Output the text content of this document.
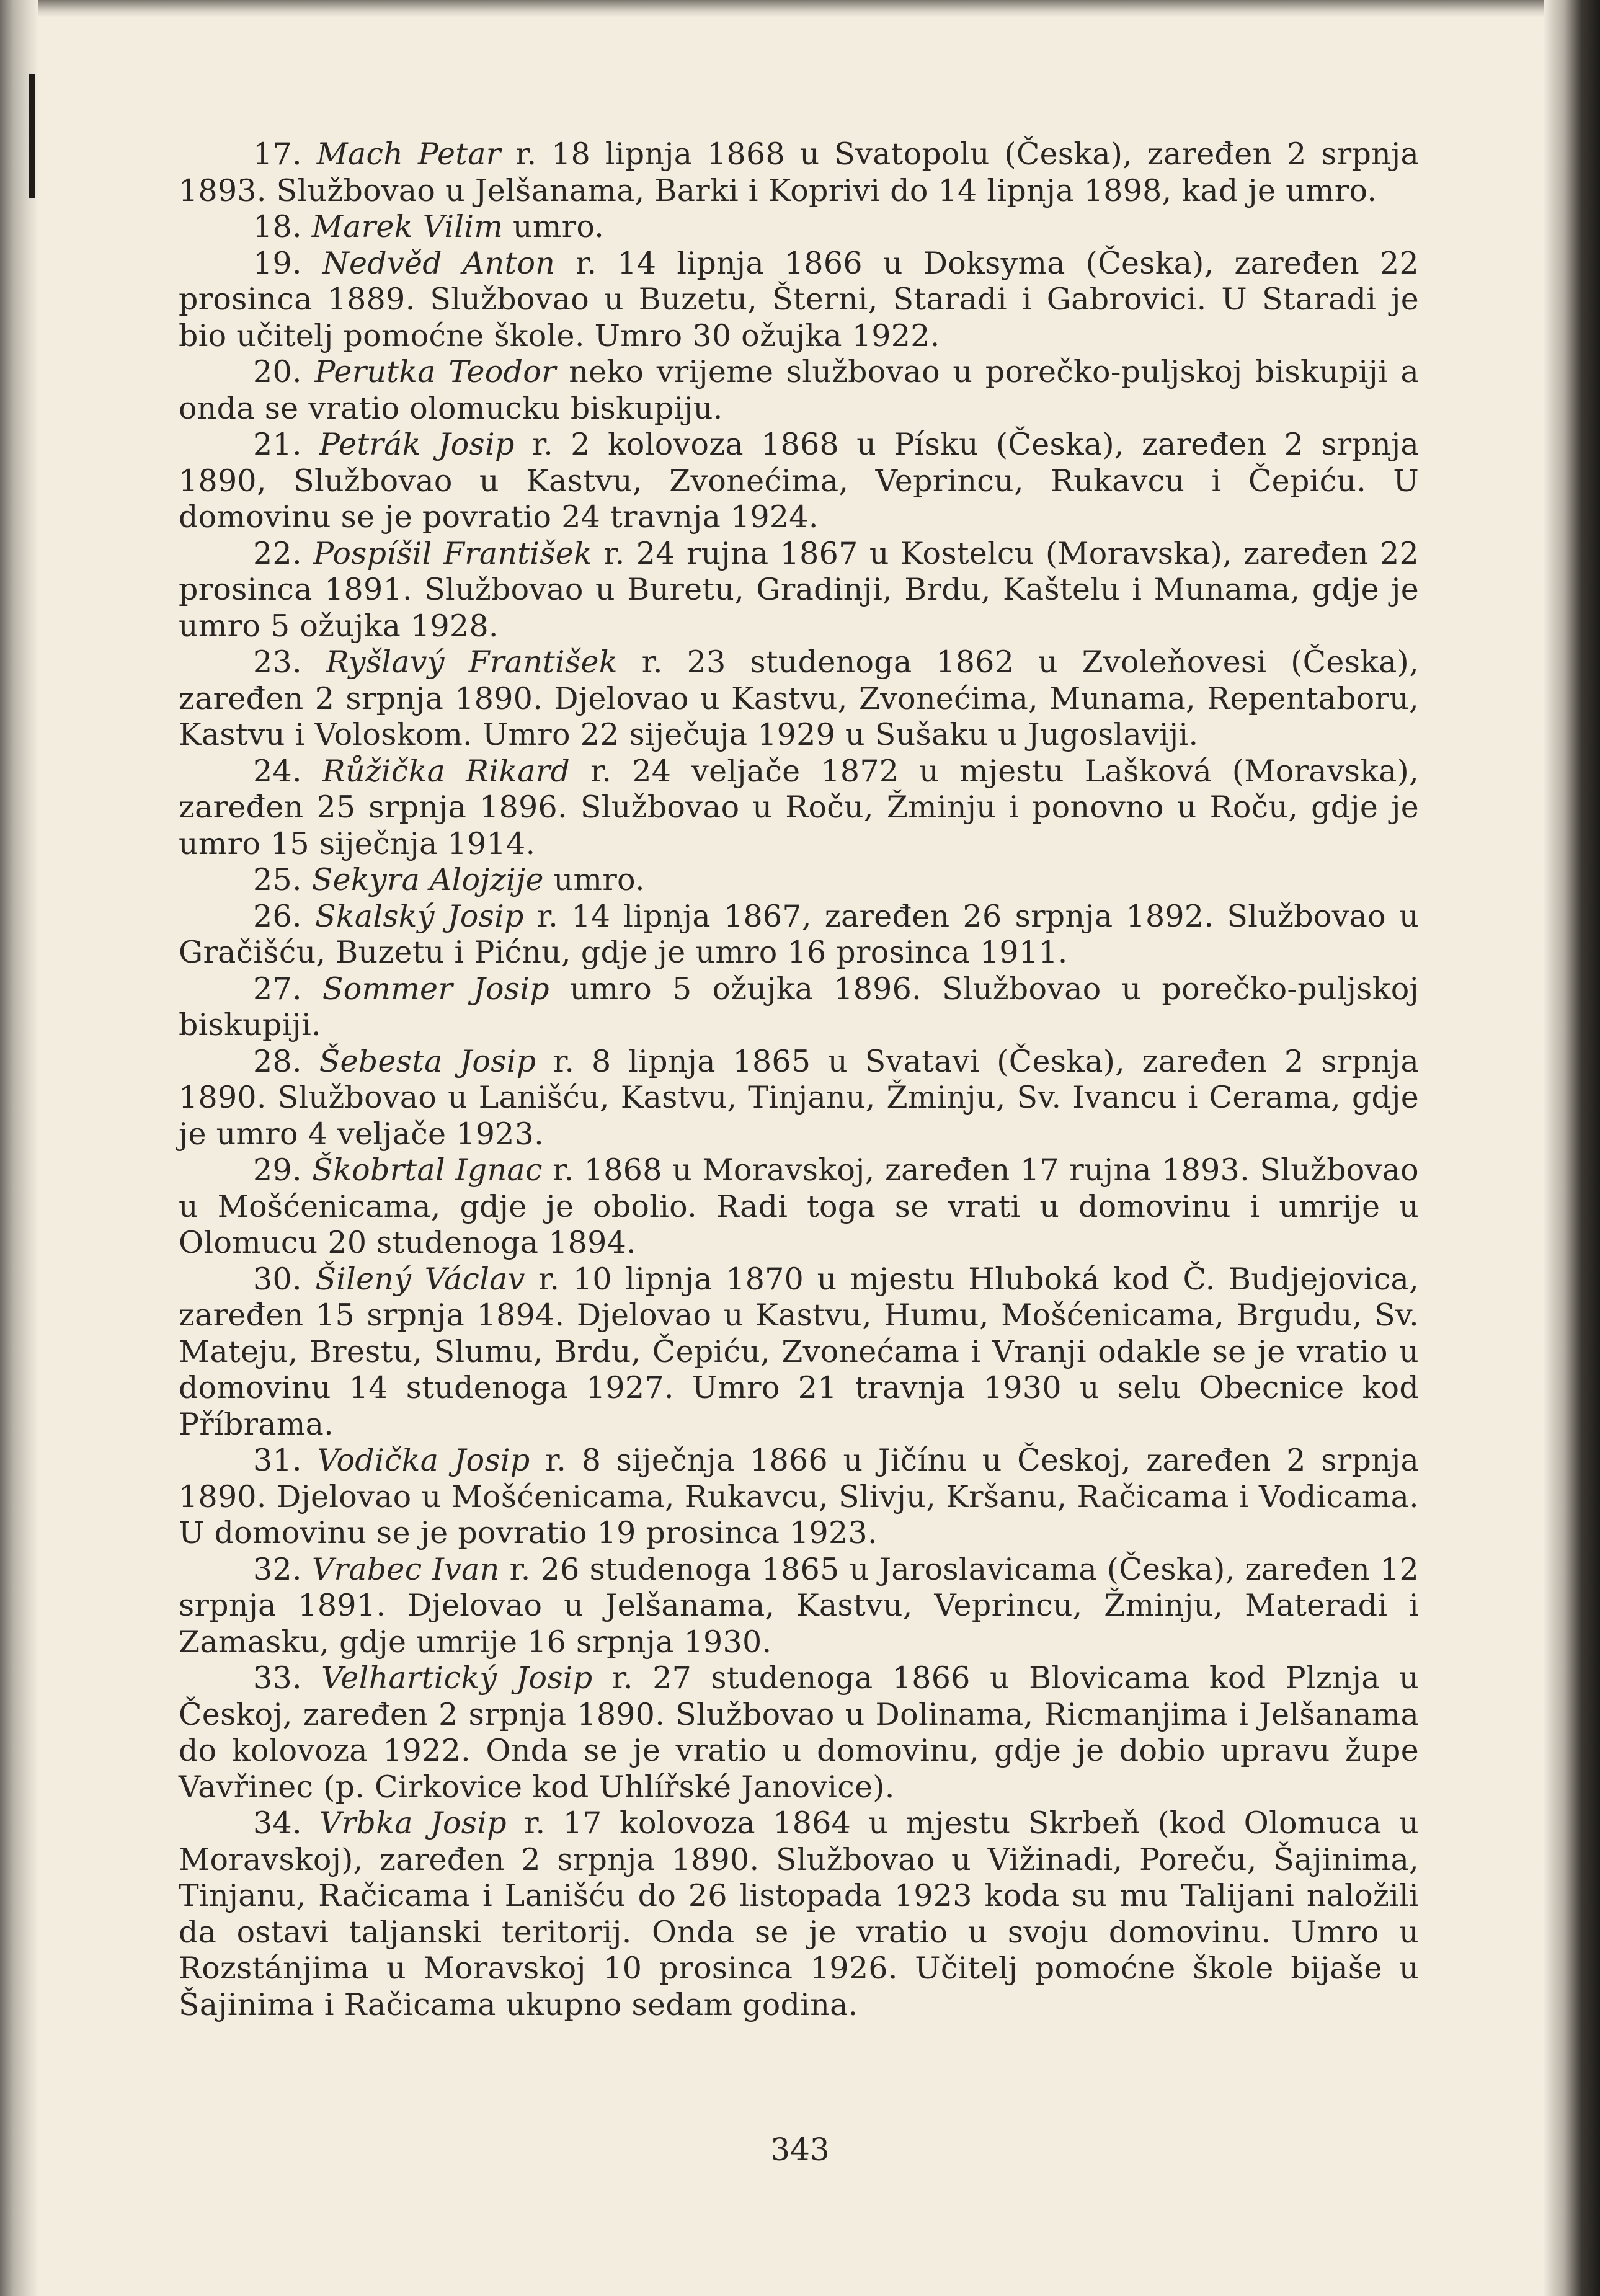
17. Mach Petar r. 18 lipnja 1868 u Svatopolu (Česka), zaređen 2 srpnja 1893. Službovao u Jelšanama, Barki i Koprivi do 14 lipnja 1898, kad je umro.

18. Marek Vilim umro.

19. Nedvěd Anton r. 14 lipnja 1866 u Doksyma (Česka), zaređen 22 prosinca 1889. Službovao u Buzetu, Šterni, Staradi i Gabrovici. U Staradi je bio učitelj pomoćne škole. Umro 30 ožujka 1922.

20. Perutka Teodor neko vrijeme službovao u porečko-puljskoj biskupiji a onda se vratio olomucku biskupiju.

21. Petrák Josip r. 2 kolovoza 1868 u Písku (Česka), zaređen 2 srpnja 1890, Službovao u Kastvu, Zvonećima, Veprincu, Rukavcu i Čepiću. U domovinu se je povratio 24 travnja 1924.

22. Pospíšil František r. 24 rujna 1867 u Kostelcu (Moravska), zaređen 22 prosinca 1891. Službovao u Buretu, Gradinji, Brdu, Kaštelu i Munama, gdje je umro 5 ožujka 1928.

23. Ryšlavý František r. 23 studenoga 1862 u Zvoleňovesi (Česka), zaređen 2 srpnja 1890. Djelovao u Kastvu, Zvonećima, Munama, Repentaboru, Kastvu i Voloskom. Umro 22 siječuja 1929 u Sušaku u Jugoslaviji.

24. Růžička Rikard r. 24 veljače 1872 u mjestu Lašková (Moravska), zaređen 25 srpnja 1896. Službovao u Roču, Žminju i ponovno u Roču, gdje je umro 15 siječnja 1914.

25. Sekyra Alojzije umro.

26. Skalský Josip r. 14 lipnja 1867, zaređen 26 srpnja 1892. Službovao u Gračišću, Buzetu i Pićnu, gdje je umro 16 prosinca 1911.

27. Sommer Josip umro 5 ožujka 1896. Službovao u porečko-puljskoj biskupiji.

28. Šebesta Josip r. 8 lipnja 1865 u Svatavi (Česka), zaređen 2 srpnja 1890. Službovao u Lanišću, Kastvu, Tinjanu, Žminju, Sv. Ivancu i Cerama, gdje je umro 4 veljače 1923.

29. Škobrtal Ignac r. 1868 u Moravskoj, zaređen 17 rujna 1893. Službovao u Mošćenicama, gdje je obolio. Radi toga se vrati u domovinu i umrije u Olomucu 20 studenoga 1894.

30. Šilený Václav r. 10 lipnja 1870 u mjestu Hluboká kod Č. Budjejovica, zaređen 15 srpnja 1894. Djelovao u Kastvu, Humu, Mošćenicama, Brgudu, Sv. Mateju, Brestu, Slumu, Brdu, Čepiću, Zvonećama i Vranji odakle se je vratio u domovinu 14 studenoga 1927. Umro 21 travnja 1930 u selu Obecnice kod Příbrama.

31. Vodička Josip r. 8 siječnja 1866 u Jičínu u Českoj, zaređen 2 srpnja 1890. Djelovao u Mošćenicama, Rukavcu, Slivju, Kršanu, Račicama i Vodicama. U domovinu se je povratio 19 prosinca 1923.

32. Vrabec Ivan r. 26 studenoga 1865 u Jaroslavicama (Česka), zaređen 12 srpnja 1891. Djelovao u Jelšanama, Kastvu, Veprincu, Žminju, Materadi i Zamasku, gdje umrije 16 srpnja 1930.

33. Velhartický Josip r. 27 studenoga 1866 u Blovicama kod Plznja u Českoj, zaređen 2 srpnja 1890. Službovao u Dolinama, Ricmanjima i Jelšanama do kolovoza 1922. Onda se je vratio u domovinu, gdje je dobio upravu župe Vavřinec (p. Cirkovice kod Uhlířské Janovice).

34. Vrbka Josip r. 17 kolovoza 1864 u mjestu Skrbeň (kod Olomuca u Moravskoj), zaređen 2 srpnja 1890. Službovao u Vižinadi, Poreču, Šajinima, Tinjanu, Račicama i Lanišću do 26 listopada 1923 koda su mu Talijani naložili da ostavi taljanski teritorij. Onda se je vratio u svoju domovinu. Umro u Rozstánjima u Moravskoj 10 prosinca 1926. Učitelj pomoćne škole bijaše u Šajinima i Račicama ukupno sedam godina.

343
